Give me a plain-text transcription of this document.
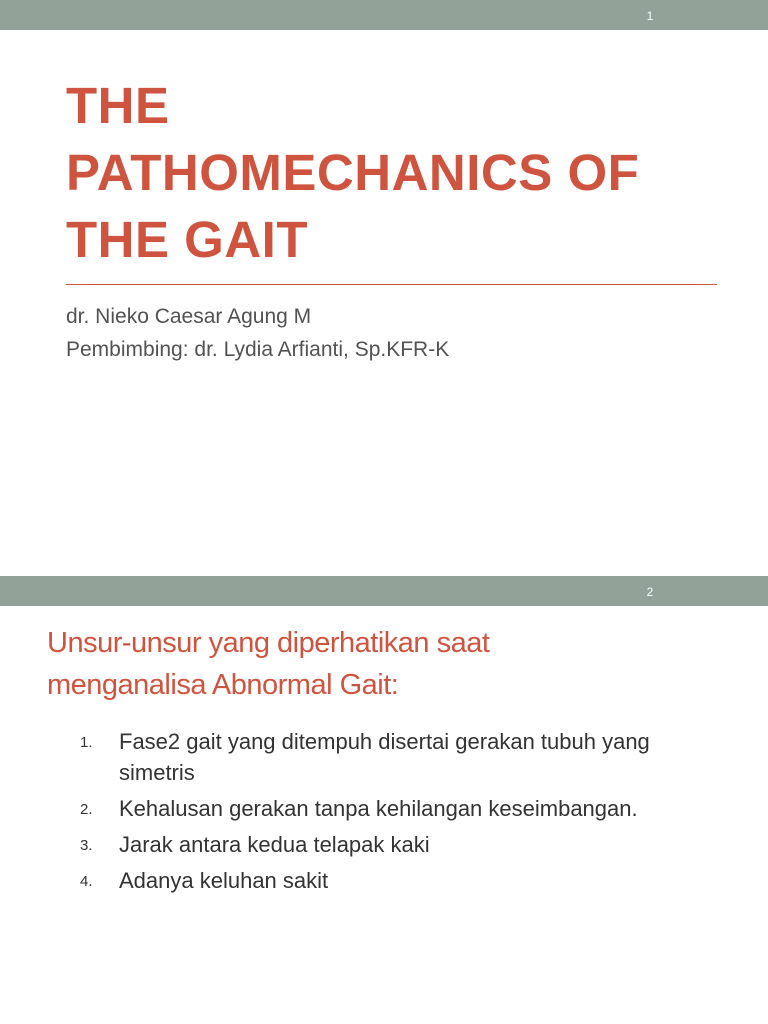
1
THE
PATHOMECHANICS OF
THE GAIT
dr. Nieko Caesar Agung M
Pembimbing: dr. Lydia Arfianti, Sp.KFR-K
2
Unsur-unsur yang diperhatikan saat
menganalisa Abnormal Gait:
1. Fase2 gait yang ditempuh disertai gerakan tubuh yang simetris
2. Kehalusan gerakan tanpa kehilangan keseimbangan.
3. Jarak antara kedua telapak kaki
4. Adanya keluhan sakit
